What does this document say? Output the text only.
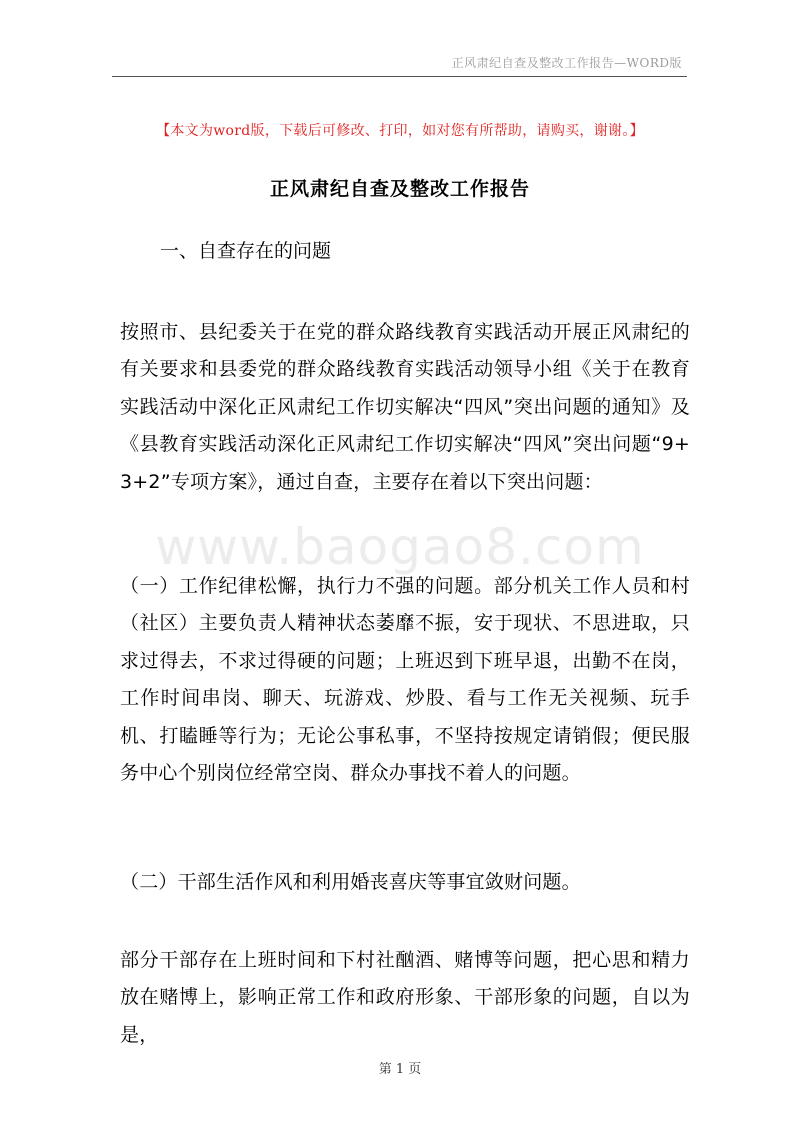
正风肃纪自查及整改工作报告—WORD版
【本文为word版，下载后可修改、打印，如对您有所帮助，请购买，谢谢。】
正风肃纪自查及整改工作报告
一、自查存在的问题
www.baogao8.com
按照市、县纪委关于在党的群众路线教育实践活动开展正风肃纪的有关要求和县委党的群众路线教育实践活动领导小组《关于在教育实践活动中深化正风肃纪工作切实解决“四风”突出问题的通知》及《县教育实践活动深化正风肃纪工作切实解决“四风”突出问题“9+3+2”专项方案》，通过自查，主要存在着以下突出问题：
（一）工作纪律松懈，执行力不强的问题。部分机关工作人员和村（社区）主要负责人精神状态萎靡不振，安于现状、不思进取，只求过得去，不求过得硬的问题；上班迟到下班早退，出勤不在岗，工作时间串岗、聊天、玩游戏、炒股、看与工作无关视频、玩手机、打瞌睡等行为；无论公事私事，不坚持按规定请销假；便民服务中心个别岗位经常空岗、群众办事找不着人的问题。
（二）干部生活作风和利用婚丧喜庆等事宜敛财问题。
部分干部存在上班时间和下村社酗酒、赌博等问题，把心思和精力放在赌博上，影响正常工作和政府形象、干部形象的问题，自以为是，
第 1 页
